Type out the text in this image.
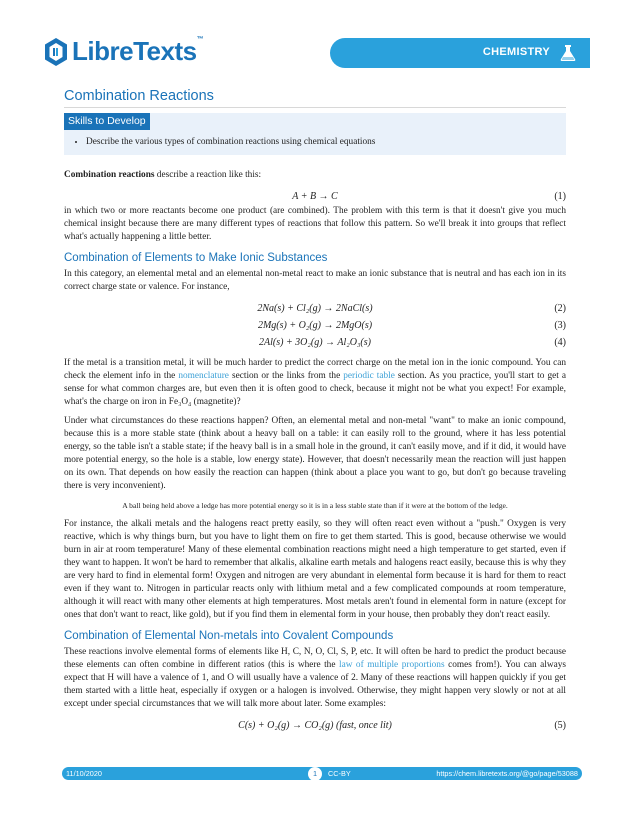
LibreTexts™
CHEMISTRY
Combination Reactions
Skills to Develop
• Describe the various types of combination reactions using chemical equations

Combination reactions describe a reaction like this:

A + B → C	(1)

in which two or more reactants become one product (are combined). The problem with this term is that it doesn't give you much chemical insight because there are many different types of reactions that follow this pattern. So we'll break it into groups that reflect what's actually happening a little better.

Combination of Elements to Make Ionic Substances

In this category, an elemental metal and an elemental non-metal react to make an ionic substance that is neutral and has each ion in its correct charge state or valence. For instance,

2Na(s) + Cl₂(g) → 2NaCl(s)	(2)
2Mg(s) + O₂(g) → 2MgO(s)	(3)
2Al(s) + 3O₂(g) → Al₂O₃(s)	(4)

If the metal is a transition metal, it will be much harder to predict the correct charge on the metal ion in the ionic compound. You can check the element info in the nomenclature section or the links from the periodic table section. As you practice, you'll start to get a sense for what common charges are, but even then it is often good to check, because it might not be what you expect! For example, what's the charge on iron in Fe₃O₄ (magnetite)?

Under what circumstances do these reactions happen? Often, an elemental metal and non-metal "want" to make an ionic compound, because this is a more stable state (think about a heavy ball on a table: it can easily roll to the ground, where it has less potential energy, so the table isn't a stable state; if the heavy ball is in a small hole in the ground, it can't easily move, and if it did, it would have more potential energy, so the hole is a stable, low energy state). However, that doesn't necessarily mean the reaction will just happen on its own. That depends on how easily the reaction can happen (think about a place you want to go, but don't go because traveling there is very inconvenient).

A ball being held above a ledge has more potential energy so it is in a less stable state than if it were at the bottom of the ledge.

For instance, the alkali metals and the halogens react pretty easily, so they will often react even without a "push." Oxygen is very reactive, which is why things burn, but you have to light them on fire to get them started. This is good, because otherwise we would burn in air at room temperature! Many of these elemental combination reactions might need a high temperature to get started, even if they want to happen. It won't be hard to remember that alkalis, alkaline earth metals and halogens react easily, because this is why they are very hard to find in elemental form! Oxygen and nitrogen are very abundant in elemental form because it is hard for them to react even if they want to. Nitrogen in particular reacts only with lithium metal and a few complicated compounds at room temperature, although it will react with many other elements at high temperatures. Most metals aren't found in elemental form in nature (except for ones that don't want to react, like gold), but if you find them in elemental form in your house, then probably they don't react easily.

Combination of Elemental Non-metals into Covalent Compounds

These reactions involve elemental forms of elements like H, C, N, O, Cl, S, P, etc. It will often be hard to predict the product because these elements can often combine in different ratios (this is where the law of multiple proportions comes from!). You can always expect that H will have a valence of 1, and O will usually have a valence of 2. Many of these reactions will happen quickly if you get them started with a little heat, especially if oxygen or a halogen is involved. Otherwise, they might happen very slowly or not at all except under special circumstances that we will talk more about later. Some examples:

C(s) + O₂(g) → CO₂(g) (fast, once lit)	(5)
11/10/2020	1	CC-BY	https://chem.libretexts.org/@go/page/53088
